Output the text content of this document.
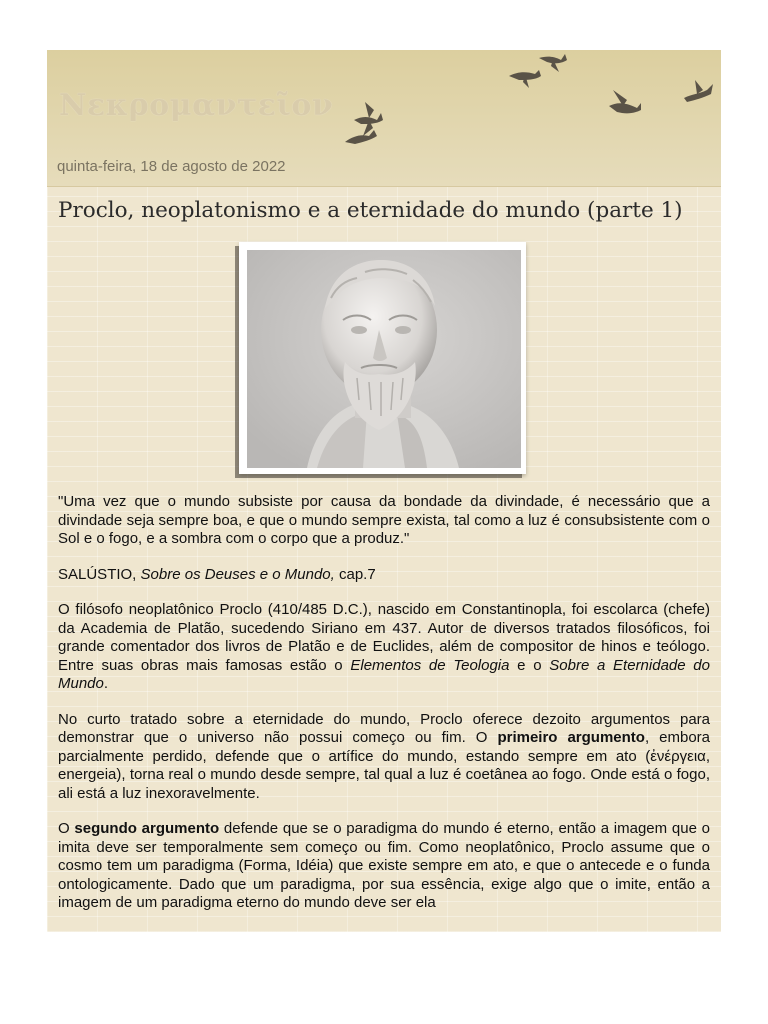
Νεκρομαντεῖον
quinta-feira, 18 de agosto de 2022
Proclo, neoplatonismo e a eternidade do mundo (parte 1)

"Uma vez que o mundo subsiste por causa da bondade da divindade, é necessário que a divindade seja sempre boa, e que o mundo sempre exista, tal como a luz é consubsistente com o Sol e o fogo, e a sombra com o corpo que a produz."

SALÚSTIO, Sobre os Deuses e o Mundo, cap.7

O filósofo neoplatônico Proclo (410/485 D.C.), nascido em Constantinopla, foi escolarca (chefe) da Academia de Platão, sucedendo Siriano em 437. Autor de diversos tratados filosóficos, foi grande comentador dos livros de Platão e de Euclides, além de compositor de hinos e teólogo. Entre suas obras mais famosas estão o Elementos de Teologia e o Sobre a Eternidade do Mundo.

No curto tratado sobre a eternidade do mundo, Proclo oferece dezoito argumentos para demonstrar que o universo não possui começo ou fim. O primeiro argumento, embora parcialmente perdido, defende que o artífice do mundo, estando sempre em ato (ἐνέργεια, energeia), torna real o mundo desde sempre, tal qual a luz é coetânea ao fogo. Onde está o fogo, ali está a luz inexoravelmente.

O segundo argumento defende que se o paradigma do mundo é eterno, então a imagem que o imita deve ser temporalmente sem começo ou fim. Como neoplatônico, Proclo assume que o cosmo tem um paradigma (Forma, Idéia) que existe sempre em ato, e que o antecede e o funda ontologicamente. Dado que um paradigma, por sua essência, exige algo que o imite, então a imagem de um paradigma eterno do mundo deve ser ela
